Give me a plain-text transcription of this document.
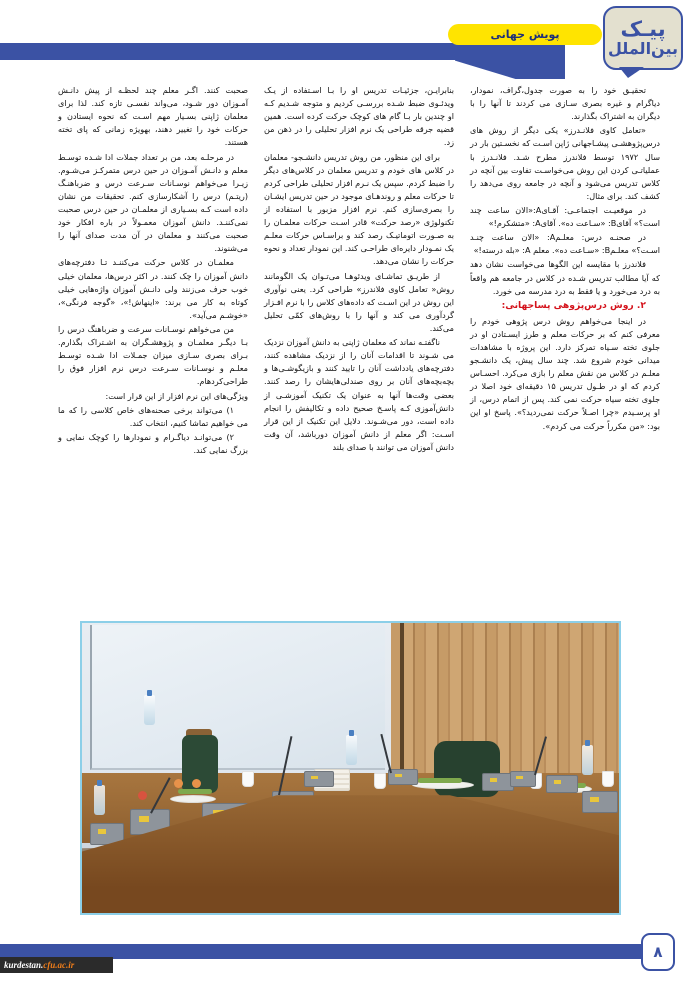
پویش جهانی	پیـک
بین‌الملل

تحقیـق خود را به صورت جدول،گراف، نمودار، دیاگرام و غیره بصری سـازی می کردند تا آنها را با دیگران به اشتراک بگذارند.

«تعامل کاوی فلانـدرز» یکی دیگر از روش های درس‌پژوهشـی پیشـاجهانی ژاپن اسـت که نخسـتین بار در سال ۱۹۷۲ توسط فلاندرز مطرح شـد. فلانـدرز با عملیاتـی کردن این روش می‌خواسـت تفاوت بین آنچه در کلاس تدریس می‌شود و آنچه در جامعه روی می‌دهد را کشف کند. برای مثال:

در موقعیـت اجتماعـی: آقـایA:«الان ساعت چند است؟» آقایB: «سـاعت ده». آقایA: «متشکرم!»

در صحنـه درس: معلـمA: «الان ساعت چنـد اسـت؟» معلـمB: «سـاعت ده». معلم A: «بله درسته!»

فلاندرز با مقایسه این الگوها می‌خواست نشان دهد که آیا مطالب تدریس شـده در کلاس در جامعه هم واقعاً به درد می‌خورد و یا فقط به درد مدرسه می خورد.

۲. روش درس‌پژوهی پساجهانی:

در اینجا می‌خواهم روش درس پژوهی خودم را معرفی کنم که بر حرکات معلم و طرز ایسـتادن او در جلوی تخته سـیاه تمرکز دارد. این پروژه با مشاهدات میدانی خودم شروع شد. چند سال پیش، یک دانشـجو معلـم در کلاس من نقش معلم را بازی می‌کرد. احسـاس کردم که او در طـول تدریس ۱۵ دقیقه‌ای خود اصلا در جلوی تخته سیاه حرکت نمی کند. پس از اتمام درس، از او پرسـیدم «چرا اصـلاً حرکت نمی‌ردید؟». پاسخ او این بود: «من مکرراً حرکت می کردم».

بنابرایـن، جزئیـات تدریس او را بـا اسـتفاده از یـک ویدئـوی ضبط شـده بررسـی کردیم و متوجه شـدیم کـه او چندین بار بـا گام های کوچک حرکت کرده است. همین قضیه جرقه طراحی یک نرم افزار تحلیلی را در ذهن من زد.

برای این منظور، من روش تدریس دانشـجو- معلمان در کلاس های خودم و تدریس معلمان در کلاس‌های دیگر را ضبط کردم. سپس یک نـرم افزار تحلیلی طراحی کردم تا حرکات معلم و روندهـای موجود در حین تدریس ایشـان را بصری‌سازی کنم. نرم افزار مزبور با استفاده از تکنولوژی «رصد حرکت» قادر اسـت حرکات معلمـان را به صـورت اتوماتیـک رصد کند و براسـاس حرکات معلـم یک نمـودار دایره‌ای طراحـی کند. این نمودار تعداد و نحوه حرکات را نشان می‌دهد.

از طریـق تماشـای ویدئوهـا می‌تـوان یک الگومانند روش« تعامل کاوی فلاندرز» طراحی کرد. یعنی نوآوری این روش در این اسـت که داده‌های کلاس را با نرم افـزار گردآوری می کند و آنها را با روش‌های کمّی تحلیل می‌کند.

ناگفتـه نماند که معلمان ژاپنی به دانش آموزان نزدیک می شـوند تا اقدامات آنان را از نزدیک مشاهده کنند، دفترچه‌های یادداشت آنان را تایید کنند و بازیگوشـی‌ها و بچه‌بچه‌های آنان بر روی صندلی‌هایشان را رصد کنند. بعضی وقت‌ها آنها به عنوان یک تکنیک آموزشـی از دانش‌آموزی کـه پاسـخ صحیح داده و تکالیفش را انجام داده است، دور می‌شـوند. دلایل این تکنیک از این قرار اسـت: اگر معلم از دانش آموزان دورباشد، آن وقت دانش آموزان می توانند با صدای بلند

صحبت کنند. اگـر معلم چند لحظـه از پیش دانـش آمـوزان دور شـود، می‌واند نفسـی تازه کند. لذا برای معلمان ژاپنی بسـیار مهم اسـت که نحوه ایستادن و حرکات خود را تغییر دهند، بهویژه زمانی که پای تخته هستند.

در مرحلـه بعد، من بر تعداد جملات ادا شـده توسـط معلم و دانـش آمـوزان در حین درس متمرکـز می‌شـوم. زیـرا می‌خواهم نوسـانات سـرعت درس و ضرباهنـگ (ریتـم) درس را آشکارسازی کنم. تحقیقات من نشان داده است کـه بسـیاری از معلمـان در حین درس صحبت نمی‌کننـد. دانش آموزان معمـولاً در باره افکار خود صحبت می‌کنند و معلمان در آن مدت صدای آنها را می‌شنوند.

معلمـان در کلاس حرکت می‌کننـد تـا دفترچه‌های دانش آموزان را چک کنند. در اکثر درس‌ها، معلمان خیلی خوب حرف می‌زنند ولی دانـش آموزان واژه‌هایی خیلی کوتاه به کار می برند: «اینهاش!»، «گوجه فرنگی»، «خوشـم می‌آید».

من می‌خواهم نوسـانات سرعت و ضرباهنگ درس را بـا دیگـر معلمـان و پژوهشـگران به اشـتراک بگذارم. بـرای بصری سـازی میزان جمـلات ادا شـده توسـط معلـم و نوسـانات سـرعت درس نرم افزار فوق را طراحی‌کردهام.

ویژگی‌های این نرم افزار از این قرار است:

۱) می‌تواند برخی صحنه‌های خاص کلاسی را که ما می خواهیم تماشا کنیم، انتخاب کند.

۲) می‌توانـد دیاگـرام و نمودارها را کوچک نمایی و بزرگ نمایی کند.

kurdestan. cfu.ac.ir
۸
